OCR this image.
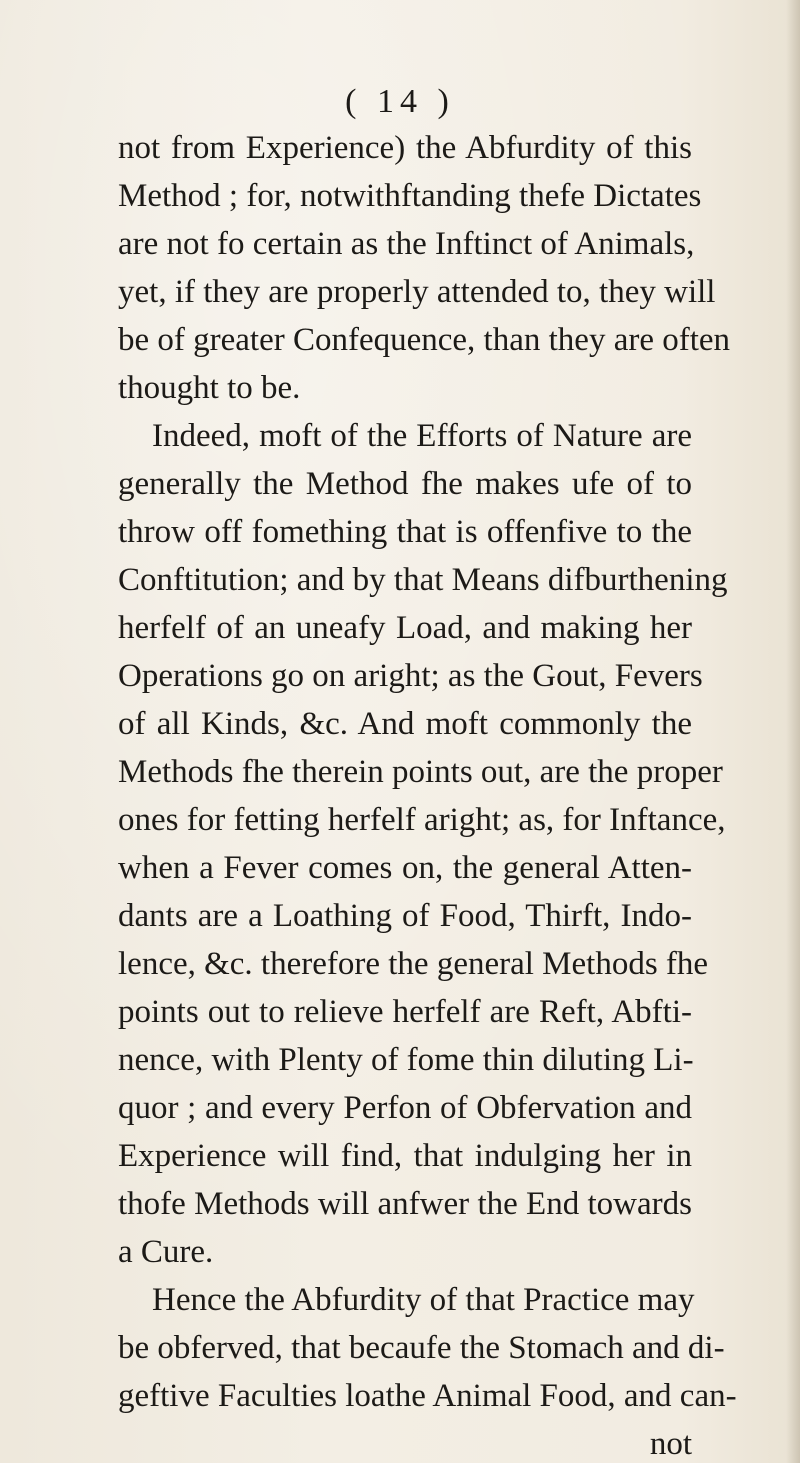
( 14 )
not from Experience) the Abfurdity of this
Method ; for, notwithftanding thefe Dictates
are not fo certain as the Inftinct of Animals,
yet, if they are properly attended to, they will
be of greater Confequence, than they are often
thought to be.
Indeed, moft of the Efforts of Nature are
generally the Method fhe makes ufe of to
throw off fomething that is offenfive to the
Conftitution; and by that Means difburthening
herfelf of an uneafy Load, and making her
Operations go on aright; as the Gout, Fevers
of all Kinds, &c. And moft commonly the
Methods fhe therein points out, are the proper
ones for fetting herfelf aright; as, for Inftance,
when a Fever comes on, the general Atten-
dants are a Loathing of Food, Thirft, Indo-
lence, &c. therefore the general Methods fhe
points out to relieve herfelf are Reft, Abfti-
nence, with Plenty of fome thin diluting Li-
quor ; and every Perfon of Obfervation and
Experience will find, that indulging her in
thofe Methods will anfwer the End towards
a Cure.
Hence the Abfurdity of that Practice may
be obferved, that becaufe the Stomach and di-
geftive Faculties loathe Animal Food, and can-
not
